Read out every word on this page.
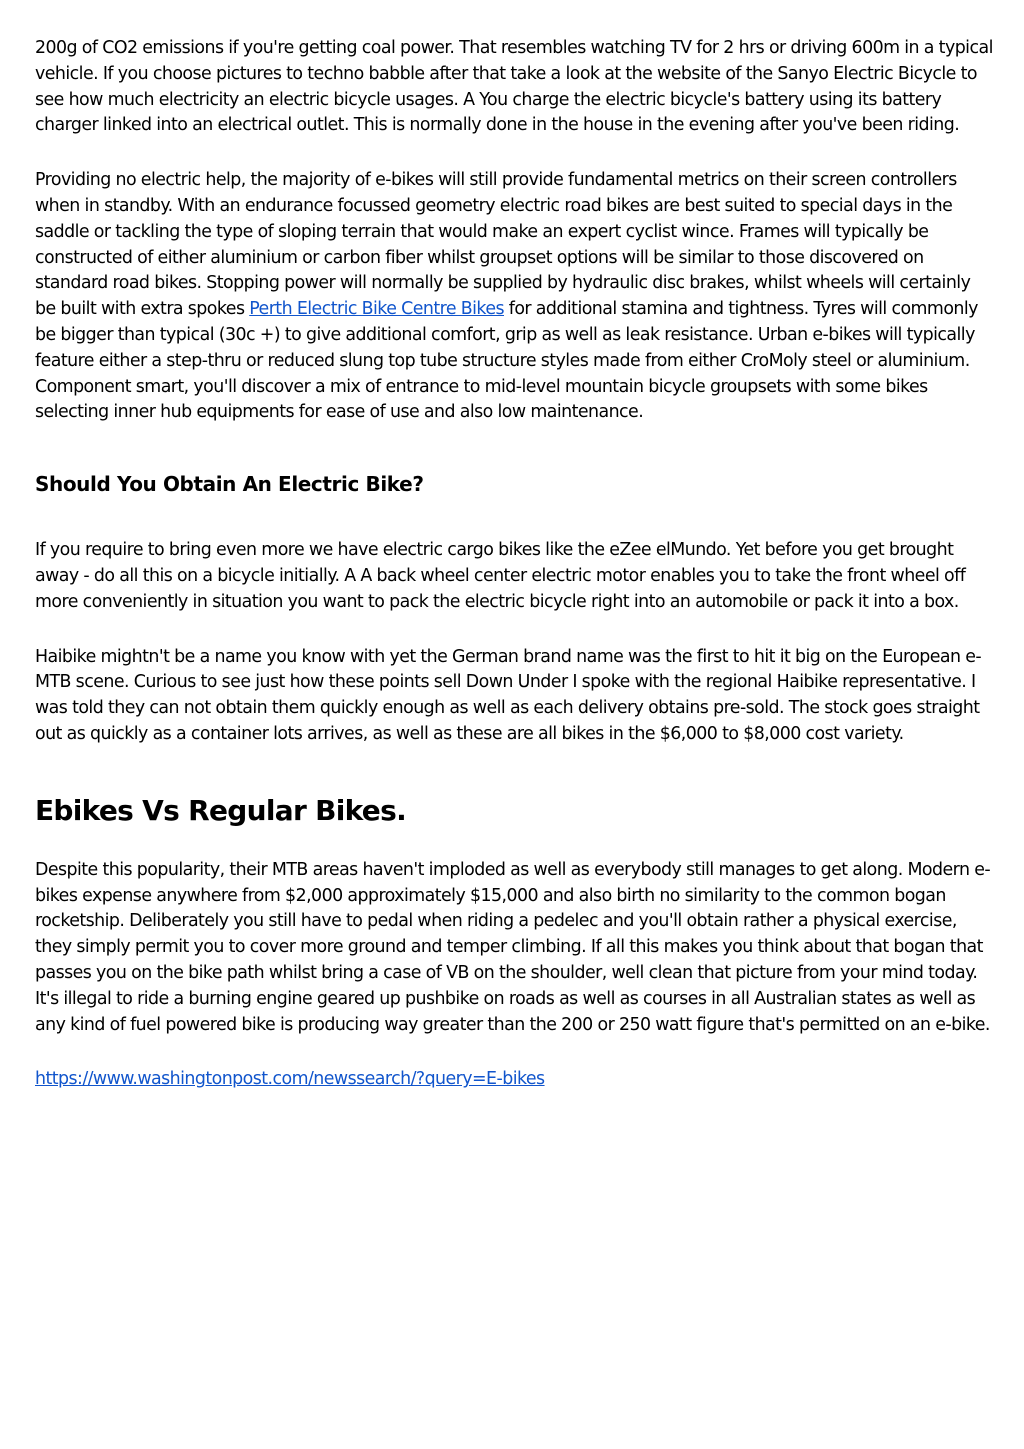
200g of CO2 emissions if you're getting coal power. That resembles watching TV for 2 hrs or driving 600m in a typical vehicle. If you choose pictures to techno babble after that take a look at the website of the Sanyo Electric Bicycle to see how much electricity an electric bicycle usages. A You charge the electric bicycle's battery using its battery charger linked into an electrical outlet. This is normally done in the house in the evening after you've been riding.

Providing no electric help, the majority of e-bikes will still provide fundamental metrics on their screen controllers when in standby. With an endurance focussed geometry electric road bikes are best suited to special days in the saddle or tackling the type of sloping terrain that would make an expert cyclist wince. Frames will typically be constructed of either aluminium or carbon fiber whilst groupset options will be similar to those discovered on standard road bikes. Stopping power will normally be supplied by hydraulic disc brakes, whilst wheels will certainly be built with extra spokes Perth Electric Bike Centre Bikes for additional stamina and tightness. Tyres will commonly be bigger than typical (30c +) to give additional comfort, grip as well as leak resistance. Urban e-bikes will typically feature either a step-thru or reduced slung top tube structure styles made from either CroMoly steel or aluminium. Component smart, you'll discover a mix of entrance to mid-level mountain bicycle groupsets with some bikes selecting inner hub equipments for ease of use and also low maintenance.

Should You Obtain An Electric Bike?

If you require to bring even more we have electric cargo bikes like the eZee elMundo. Yet before you get brought away - do all this on a bicycle initially. A A back wheel center electric motor enables you to take the front wheel off more conveniently in situation you want to pack the electric bicycle right into an automobile or pack it into a box.

Haibike mightn't be a name you know with yet the German brand name was the first to hit it big on the European e-MTB scene. Curious to see just how these points sell Down Under I spoke with the regional Haibike representative. I was told they can not obtain them quickly enough as well as each delivery obtains pre-sold. The stock goes straight out as quickly as a container lots arrives, as well as these are all bikes in the $6,000 to $8,000 cost variety.

Ebikes Vs Regular Bikes.

Despite this popularity, their MTB areas haven't imploded as well as everybody still manages to get along. Modern e-bikes expense anywhere from $2,000 approximately $15,000 and also birth no similarity to the common bogan rocketship. Deliberately you still have to pedal when riding a pedelec and you'll obtain rather a physical exercise, they simply permit you to cover more ground and temper climbing. If all this makes you think about that bogan that passes you on the bike path whilst bring a case of VB on the shoulder, well clean that picture from your mind today. It's illegal to ride a burning engine geared up pushbike on roads as well as courses in all Australian states as well as any kind of fuel powered bike is producing way greater than the 200 or 250 watt figure that's permitted on an e-bike.

https://www.washingtonpost.com/newssearch/?query=E-bikes
